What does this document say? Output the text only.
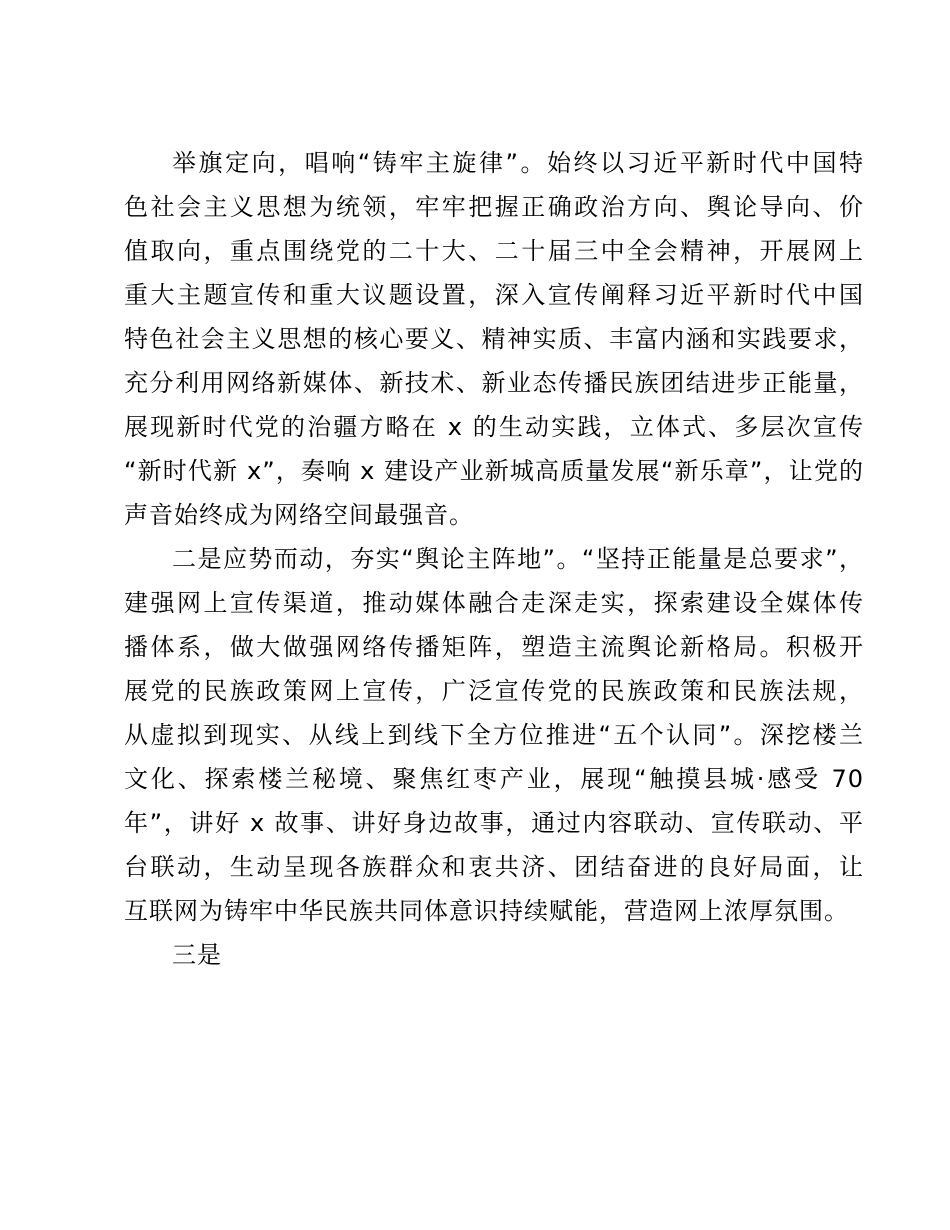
举旗定向，唱响“铸牢主旋律”。始终以习近平新时代中国特
色社会主义思想为统领，牢牢把握正确政治方向、舆论导向、价
值取向，重点围绕党的二十大、二十届三中全会精神，开展网上
重大主题宣传和重大议题设置，深入宣传阐释习近平新时代中国
特色社会主义思想的核心要义、精神实质、丰富内涵和实践要求，
充分利用网络新媒体、新技术、新业态传播民族团结进步正能量，
展现新时代党的治疆方略在 x 的生动实践，立体式、多层次宣传
“新时代新 x”，奏响 x 建设产业新城高质量发展“新乐章”，让党的
声音始终成为网络空间最强音。
二是应势而动，夯实“舆论主阵地”。“坚持正能量是总要求”，
建强网上宣传渠道，推动媒体融合走深走实，探索建设全媒体传
播体系，做大做强网络传播矩阵，塑造主流舆论新格局。积极开
展党的民族政策网上宣传，广泛宣传党的民族政策和民族法规，
从虚拟到现实、从线上到线下全方位推进“五个认同”。深挖楼兰
文化、探索楼兰秘境、聚焦红枣产业，展现“触摸县城·感受 70
年”，讲好 x 故事、讲好身边故事，通过内容联动、宣传联动、平
台联动，生动呈现各族群众和衷共济、团结奋进的良好局面，让
互联网为铸牢中华民族共同体意识持续赋能，营造网上浓厚氛围。
三是
